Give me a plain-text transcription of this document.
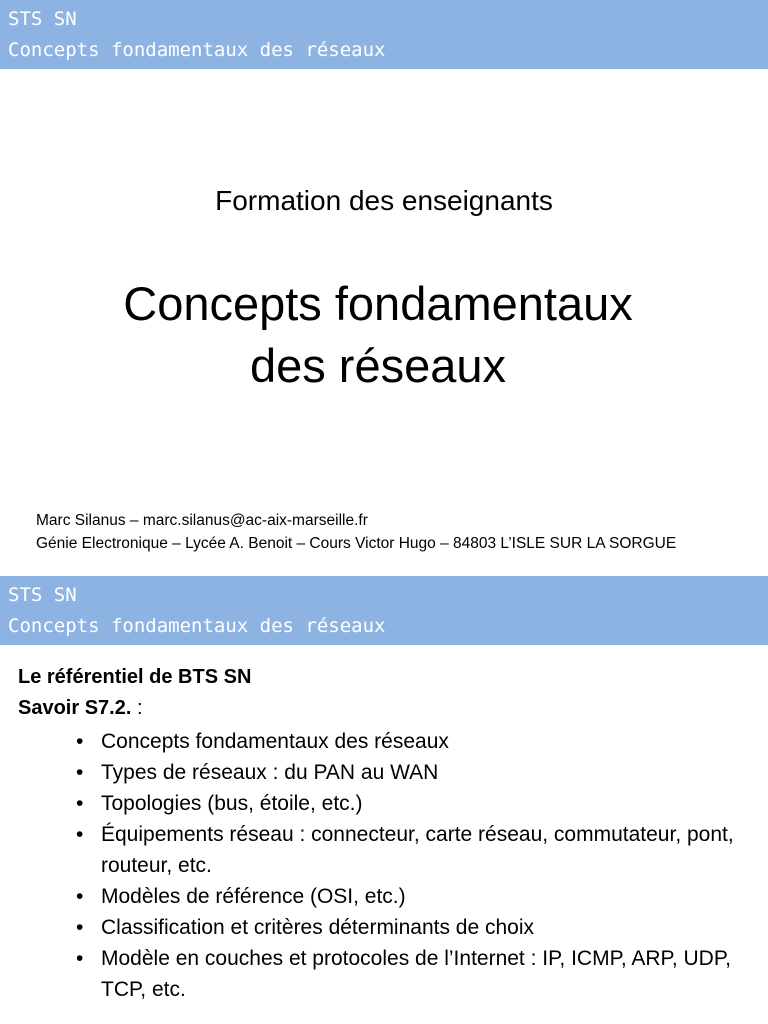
STS SN
Concepts fondamentaux des réseaux
Formation des enseignants
Concepts fondamentaux
des réseaux
Marc Silanus – marc.silanus@ac-aix-marseille.fr
Génie Electronique – Lycée A. Benoit – Cours Victor Hugo – 84803 L’ISLE SUR LA SORGUE
STS SN
Concepts fondamentaux des réseaux
Le référentiel de BTS SN
Savoir S7.2. :
• Concepts fondamentaux des réseaux
• Types de réseaux : du PAN au WAN
• Topologies (bus, étoile, etc.)
• Équipements réseau : connecteur, carte réseau, commutateur, pont, routeur, etc.
• Modèles de référence (OSI, etc.)
• Classification et critères déterminants de choix
• Modèle en couches et protocoles de l’Internet : IP, ICMP, ARP, UDP, TCP, etc.
